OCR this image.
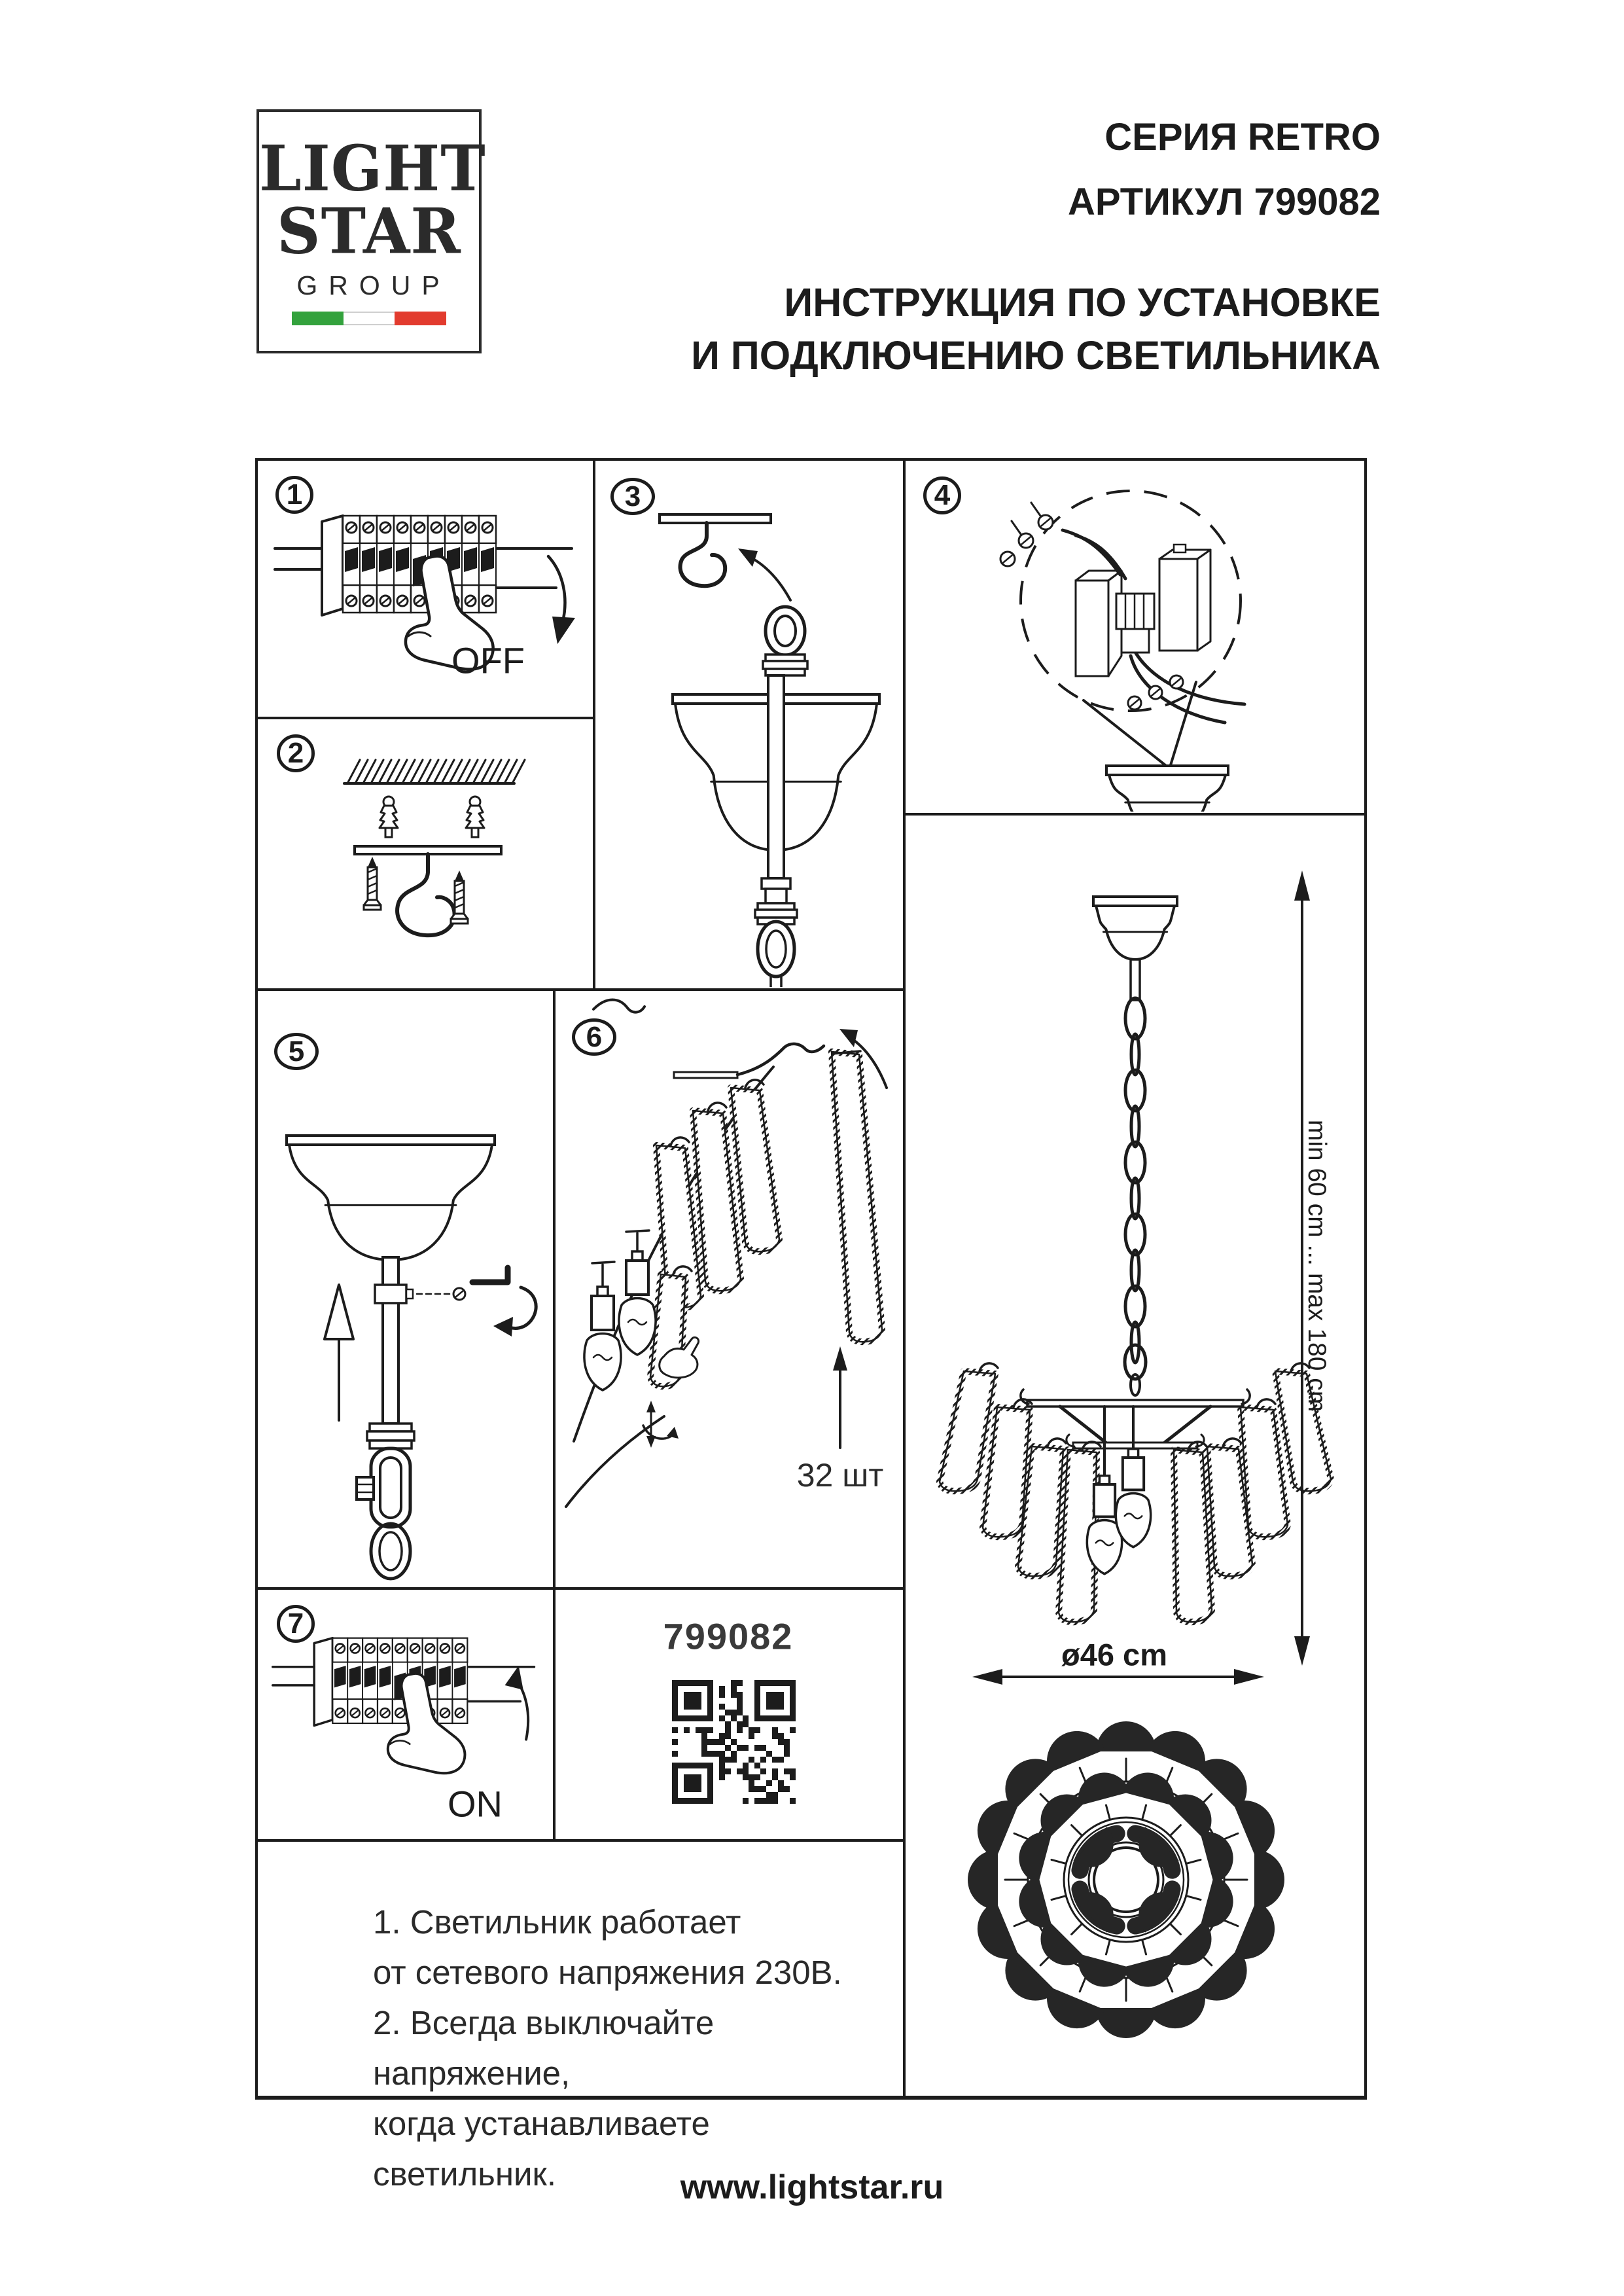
LIGHT
STAR
GROUP
СЕРИЯ RETRO
АРТИКУЛ 799082
ИНСТРУКЦИЯ ПО УСТАНОВКЕ
И ПОДКЛЮЧЕНИЮ СВЕТИЛЬНИКА
1
2
3	4
5	6
7
OFF
ON
32 шт
799082	ø46 cm
min 60 cm ... max 180 cm
1. Светильник работает
от сетевого напряжения 230В.
2. Всегда выключайте напряжение,
когда устанавливаете светильник.	www.lightstar.ru
